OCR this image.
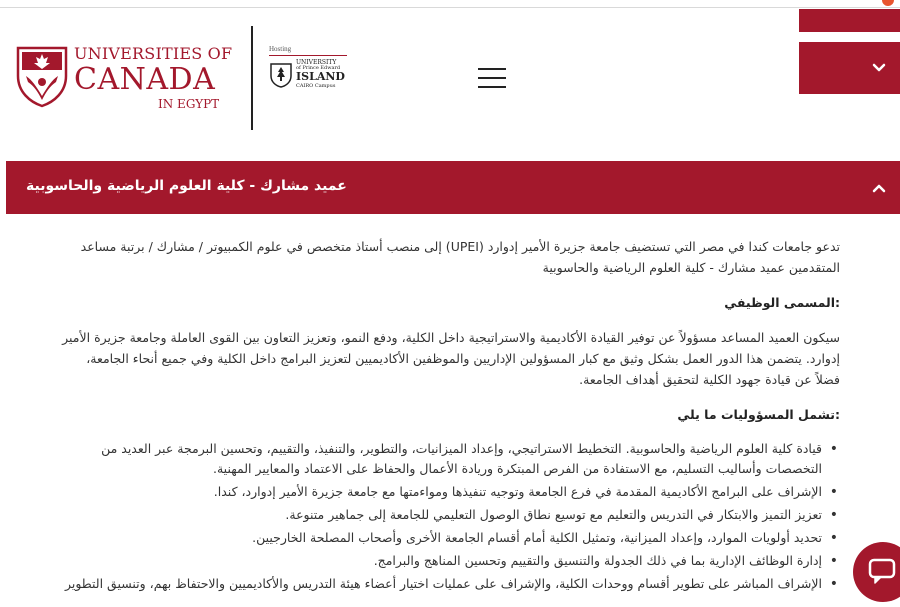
UNIVERSITIES OF
CANADA
IN EGYPT
Hosting
UNIVERSITY
of Prince Edward
ISLAND
CAIRO Campus
عميد مشارك - كلية العلوم الرياضية والحاسوبية

تدعو جامعات كندا في مصر التي تستضيف جامعة جزيرة الأمير إدوارد (UPEI) إلى منصب أستاذ متخصص في علوم الكمبيوتر / مشارك / برتبة مساعد المتقدمين عميد مشارك - كلية العلوم الرياضية والحاسوبية

:المسمى الوظيفي

سيكون العميد المساعد مسؤولاً عن توفير القيادة الأكاديمية والاستراتيجية داخل الكلية، ودفع النمو، وتعزيز التعاون بين القوى العاملة وجامعة جزيرة الأمير إدوارد. يتضمن هذا الدور العمل بشكل وثيق مع كبار المسؤولين الإداريين والموظفين الأكاديميين لتعزيز البرامج داخل الكلية وفي جميع أنحاء الجامعة، فضلاً عن قيادة جهود الكلية لتحقيق أهداف الجامعة.

:تشمل المسؤوليات ما يلي

• قيادة كلية العلوم الرياضية والحاسوبية. التخطيط الاستراتيجي، وإعداد الميزانيات، والتطوير، والتنفيذ، والتقييم، وتحسين البرمجة عبر العديد من التخصصات وأساليب التسليم، مع الاستفادة من الفرص المبتكرة وريادة الأعمال والحفاظ على الاعتماد والمعايير المهنية.
• الإشراف على البرامج الأكاديمية المقدمة في فرع الجامعة وتوجيه تنفيذها ومواءمتها مع جامعة جزيرة الأمير إدوارد، كندا.
• تعزيز التميز والابتكار في التدريس والتعليم مع توسيع نطاق الوصول التعليمي للجامعة إلى جماهير متنوعة.
• تحديد أولويات الموارد، وإعداد الميزانية، وتمثيل الكلية أمام أقسام الجامعة الأخرى وأصحاب المصلحة الخارجيين.
• إدارة الوظائف الإدارية بما في ذلك الجدولة والتنسيق والتقييم وتحسين المناهج والبرامج.
• الإشراف المباشر على تطوير أقسام ووحدات الكلية، والإشراف على عمليات اختيار أعضاء هيئة التدريس والأكاديميين والاحتفاظ بهم، وتنسيق التطوير
